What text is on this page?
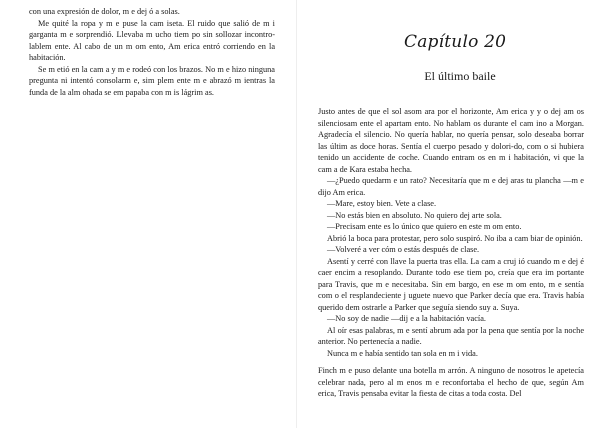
con una expresión de dolor, m e dej ó a solas.

Me quité la ropa y m e puse la cam iseta. El ruido que salió de m i garganta m e sorprendió. Llevaba m ucho tiem po sin sollozar incontro-lablem ente. Al cabo de un m om ento, Am erica entró corriendo en la habitación.

Se m etió en la cam a y m e rodeó con los brazos. No m e hizo ninguna pregunta ni intentó consolarm e, sim plem ente m e abrazó m ientras la funda de la alm ohada se em papaba con m is lágrim as.

Capítulo 20
El último baile

Justo antes de que el sol asom ara por el horizonte, Am erica y y o dej am os silenciosam ente el apartam ento. No hablam os durante el cam ino a Morgan. Agradecía el silencio. No quería hablar, no quería pensar, solo deseaba borrar las últim as doce horas. Sentía el cuerpo pesado y dolori-do, com o si hubiera tenido un accidente de coche. Cuando entram os en m i habitación, vi que la cam a de Kara estaba hecha.

—¿Puedo quedarm e un rato? Necesitaría que m e dej aras tu plancha —m e dijo Am erica.

—Mare, estoy bien. Vete a clase.

—No estás bien en absoluto. No quiero dej arte sola.

—Precisam ente es lo único que quiero en este m om ento.

Abrió la boca para protestar, pero solo suspiró. No iba a cam biar de opinión.

—Volveré a ver cóm o estás después de clase.

Asentí y cerré con llave la puerta tras ella. La cam a cruj ió cuando m e dej é caer encim a resoplando. Durante todo ese tiem po, creía que era im portante para Travis, que m e necesitaba. Sin em bargo, en ese m om ento, m e sentía com o el resplandeciente j uguete nuevo que Parker decía que era. Travis había querido dem ostrarle a Parker que seguía siendo suy a. Suya.

—No soy de nadie —dij e a la habitación vacía.

Al oír esas palabras, m e sentí abrum ada por la pena que sentía por la noche anterior. No pertenecía a nadie.

Nunca m e había sentido tan sola en m i vida.

Finch m e puso delante una botella m arrón. A ninguno de nosotros le apetecía celebrar nada, pero al m enos m e reconfortaba el hecho de que, según Am erica, Travis pensaba evitar la fiesta de citas a toda costa. Del
